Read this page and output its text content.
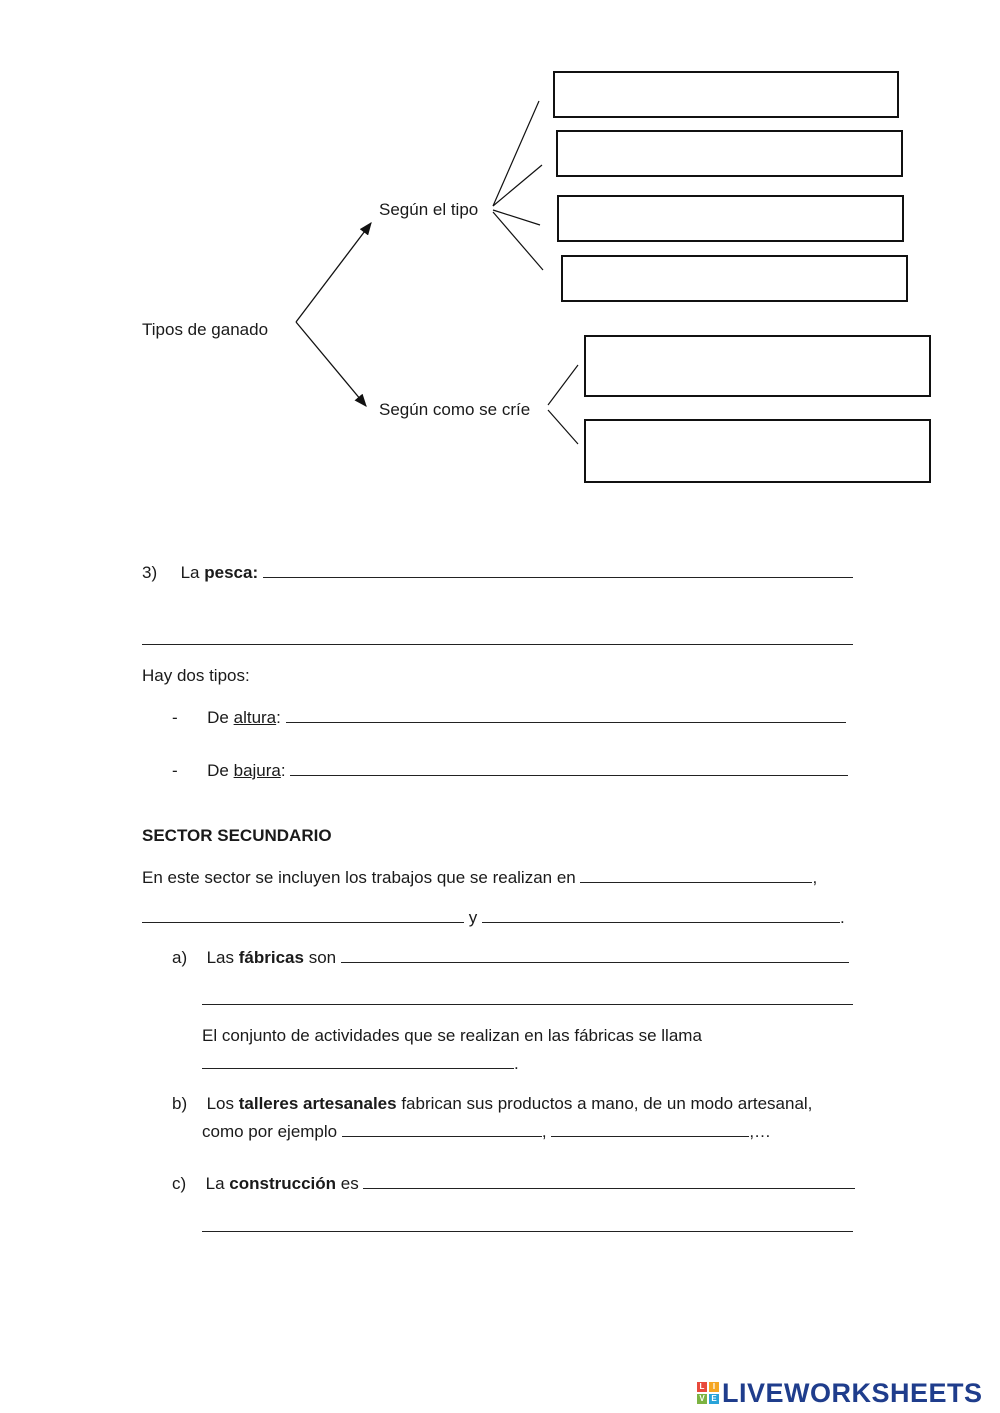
Tipos de ganado
Según el tipo
Según como se críe
3) La pesca:
Hay dos tipos:
- De altura:
- De bajura:
SECTOR SECUNDARIO
En este sector se incluyen los trabajos que se realizan en	,
y	.
a) Las fábricas son
El conjunto de actividades que se realizan en las fábricas se llama
.
b) Los talleres artesanales fabrican sus productos a mano, de un modo artesanal,
como por ejemplo	,	,…
c) La construcción es
L	I
V E LIVEWORKSHEETS
